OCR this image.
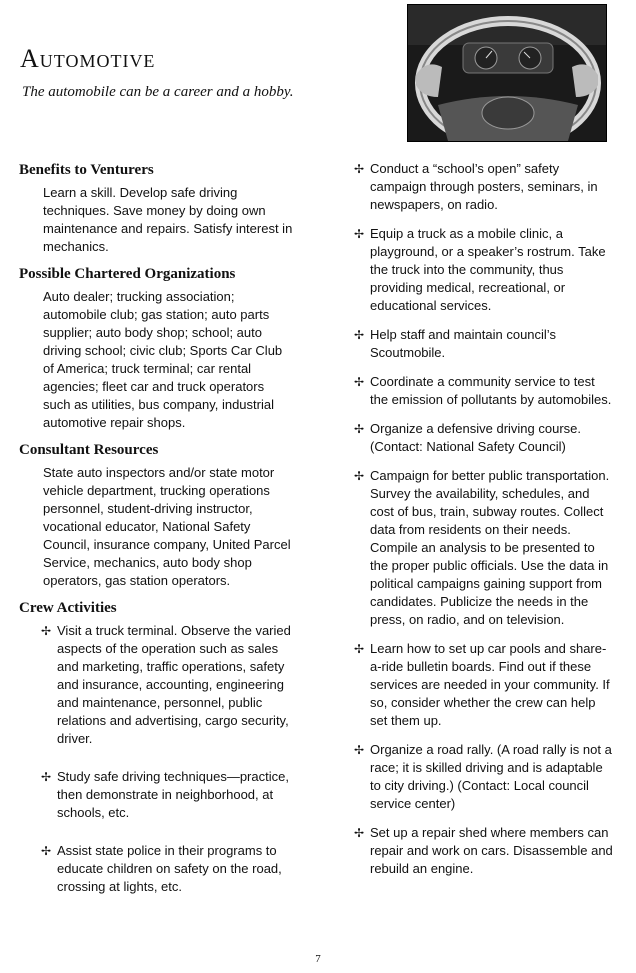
Automotive
The automobile can be a career and a hobby.
Benefits to Venturers

Learn a skill. Develop safe driving techniques. Save money by doing own maintenance and repairs. Satisfy interest in mechanics.

Possible Chartered Organizations

Auto dealer; trucking association; automobile club; gas station; auto parts supplier; auto body shop; school; auto driving school; civic club; Sports Car Club of America; truck terminal; car rental agencies; fleet car and truck operators such as utilities, bus company, industrial automotive repair shops.

Consultant Resources

State auto inspectors and/or state motor vehicle department, trucking operations personnel, student-driving instructor, vocational educator, National Safety Council, insurance company, United Parcel Service, mechanics, auto body shop operators, gas station operators.

Crew Activities
✢ Visit a truck terminal. Observe the varied aspects of the operation such as sales and marketing, traffic operations, safety and insurance, accounting, engineering and maintenance, personnel, public relations and advertising, cargo security, driver.
✢ Study safe driving techniques—practice, then demonstrate in neighborhood, at schools, etc.
✢ Assist state police in their programs to educate children on safety on the road, crossing at lights, etc.
✢ Conduct a “school’s open” safety campaign through posters, seminars, in newspapers, on radio.
✢ Equip a truck as a mobile clinic, a playground, or a speaker’s rostrum. Take the truck into the community, thus providing medical, recreational, or educational services.
✢ Help staff and maintain council’s Scoutmobile.
✢ Coordinate a community service to test the emission of pollutants by automobiles.
✢ Organize a defensive driving course. (Contact: National Safety Council)
✢ Campaign for better public transportation. Survey the availability, schedules, and cost of bus, train, subway routes. Collect data from residents on their needs. Compile an analysis to be presented to the proper public officials. Use the data in political campaigns gaining support from candidates. Publicize the needs in the press, on radio, and on television.
✢ Learn how to set up car pools and share-a-ride bulletin boards. Find out if these services are needed in your community. If so, consider whether the crew can help set them up.
✢ Organize a road rally. (A road rally is not a race; it is skilled driving and is adaptable to city driving.) (Contact: Local council service center)
✢ Set up a repair shed where members can repair and work on cars. Disassemble and rebuild an engine.
7
